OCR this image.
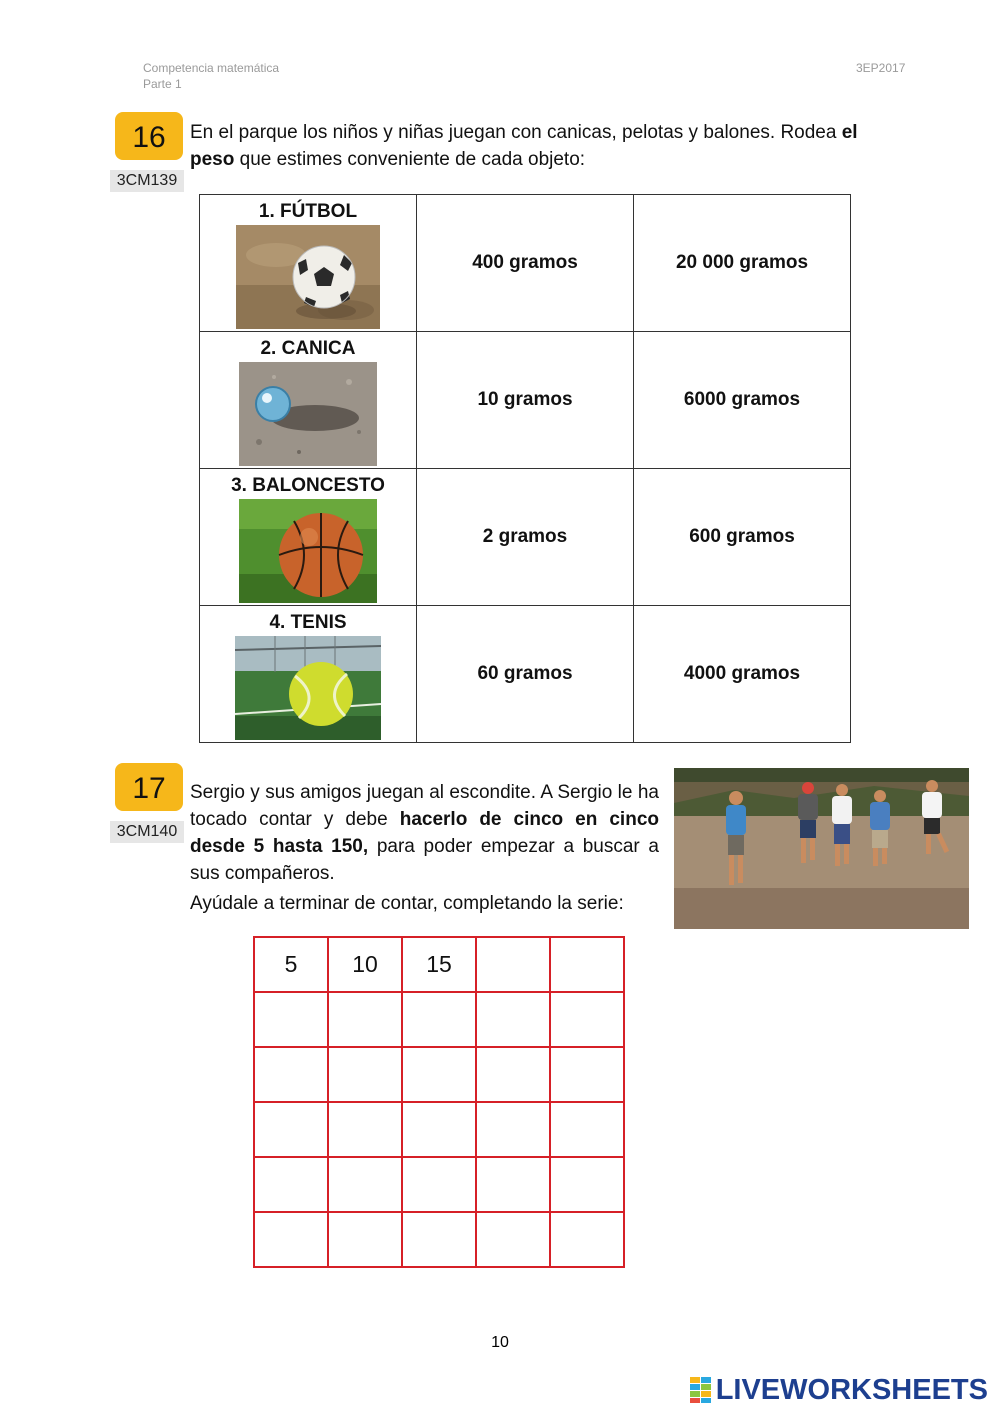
Competencia matemática
Parte 1
3EP2017
16
3CM139
En el parque los niños y niñas juegan con canicas, pelotas y balones. Rodea el peso que estimes conveniente de cada objeto:
1. FÚTBOL	400 gramos	20 000 gramos

2. CANICA	10 gramos	6000 gramos

3. BALONCESTO	2 gramos	600 gramos

4. TENIS	60 gramos	4000 gramos
17
3CM140
Sergio y sus amigos juegan al escondite. A Sergio le ha tocado contar y debe hacerlo de cinco en cinco desde 5 hasta 150, para poder empezar a buscar a sus compañeros.
Ayúdale a terminar de contar, completando la serie:
5	10	15		

10
LIVEWORKSHEETS
